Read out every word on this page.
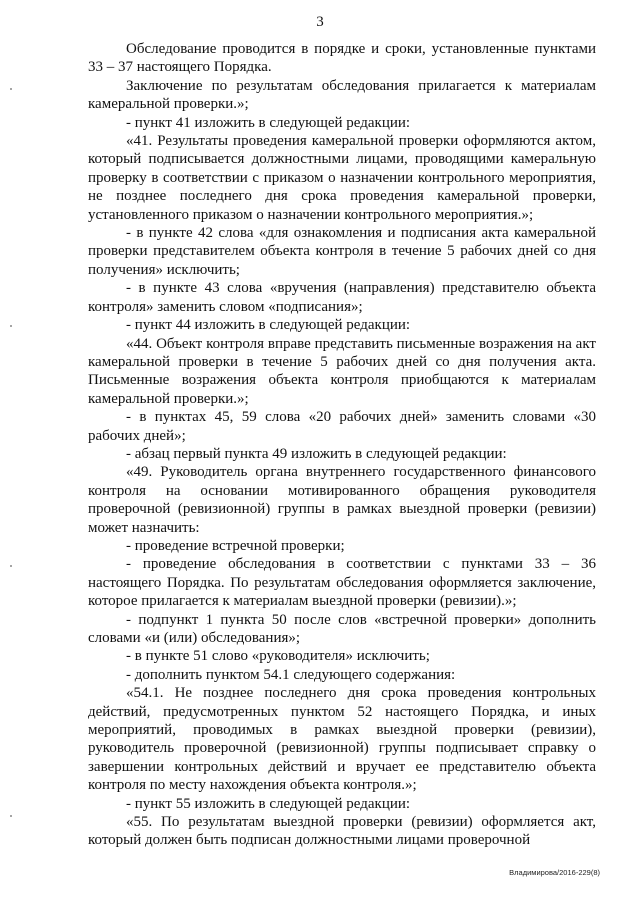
3

Обследование проводится в порядке и сроки, установленные пунктами 33 – 37 настоящего Порядка.

Заключение по результатам обследования прилагается к материалам камеральной проверки.»;

- пункт 41 изложить в следующей редакции:

«41. Результаты проведения камеральной проверки оформляются актом, который подписывается должностными лицами, проводящими камеральную проверку в соответствии с приказом о назначении контрольного мероприятия, не позднее последнего дня срока проведения камеральной проверки, установленного приказом о назначении контрольного мероприятия.»;

- в пункте 42 слова «для ознакомления и подписания акта камеральной проверки представителем объекта контроля в течение 5 рабочих дней со дня получения» исключить;

- в пункте 43 слова «вручения (направления) представителю объекта контроля» заменить словом «подписания»;

- пункт 44 изложить в следующей редакции:

«44. Объект контроля вправе представить письменные возражения на акт камеральной проверки в течение 5 рабочих дней со дня получения акта. Письменные возражения объекта контроля приобщаются к материалам камеральной проверки.»;

- в пунктах 45, 59 слова «20 рабочих дней» заменить словами «30 рабочих дней»;

- абзац первый пункта 49 изложить в следующей редакции:

«49. Руководитель органа внутреннего государственного финансового контроля на основании мотивированного обращения руководителя проверочной (ревизионной) группы в рамках выездной проверки (ревизии) может назначить:

- проведение встречной проверки;

- проведение обследования в соответствии с пунктами 33 – 36 настоящего Порядка. По результатам обследования оформляется заключение, которое прилагается к материалам выездной проверки (ревизии).»;

- подпункт 1 пункта 50 после слов «встречной проверки» дополнить словами «и (или) обследования»;

- в пункте 51 слово «руководителя» исключить;

- дополнить пунктом 54.1 следующего содержания:

«54.1. Не позднее последнего дня срока проведения контрольных действий, предусмотренных пунктом 52 настоящего Порядка, и иных мероприятий, проводимых в рамках выездной проверки (ревизии), руководитель проверочной (ревизионной) группы подписывает справку о завершении контрольных действий и вручает ее представителю объекта контроля по месту нахождения объекта контроля.»;

- пункт 55 изложить в следующей редакции:

«55. По результатам выездной проверки (ревизии) оформляется акт, который должен быть подписан должностными лицами проверочной

Владимирова/2016-229(8)
